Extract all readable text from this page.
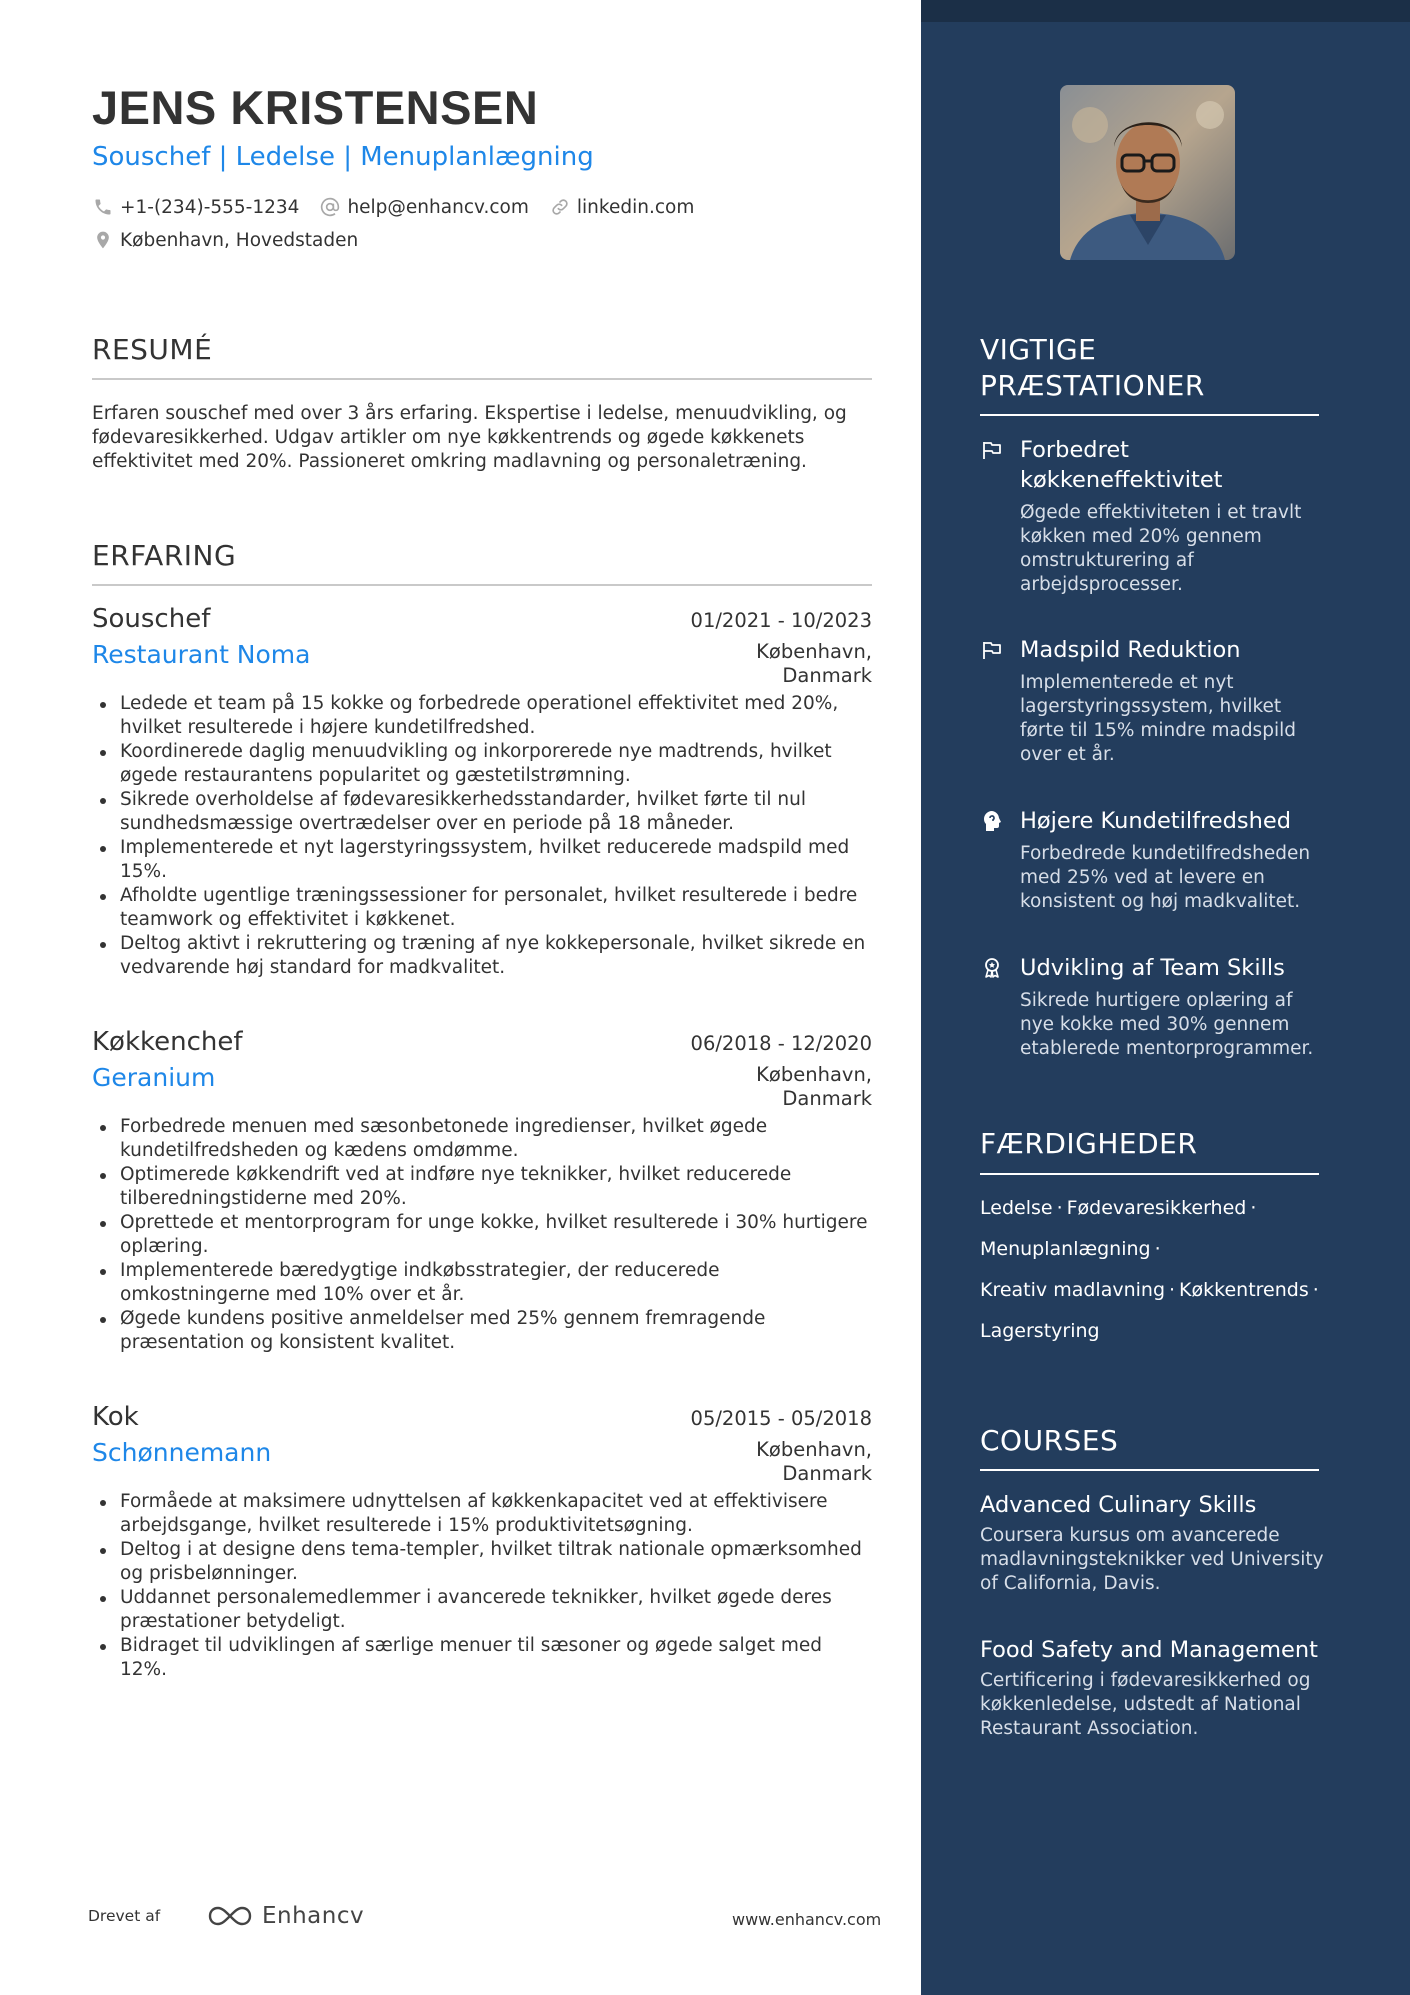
JENS KRISTENSEN
Souschef | Ledelse | Menuplanlægning
+1-(234)-555-1234	help@enhancv.com	linkedin.com
København, Hovedstaden
RESUMÉ
Erfaren souschef med over 3 års erfaring. Ekspertise i ledelse, menuudvikling, og fødevaresikkerhed. Udgav artikler om nye køkkentrends og øgede køkkenets effektivitet med 20%. Passioneret omkring madlavning og personaletræning.
ERFARING
Souschef	01/2021 - 10/2023
Restaurant Noma	København, Danmark
Ledede et team på 15 kokke og forbedrede operationel effektivitet med 20%, hvilket resulterede i højere kundetilfredshed.
Koordinerede daglig menuudvikling og inkorporerede nye madtrends, hvilket øgede restaurantens popularitet og gæstetilstrømning.
Sikrede overholdelse af fødevaresikkerhedsstandarder, hvilket førte til nul sundhedsmæssige overtrædelser over en periode på 18 måneder.
Implementerede et nyt lagerstyringssystem, hvilket reducerede madspild med 15%.
Afholdte ugentlige træningssessioner for personalet, hvilket resulterede i bedre teamwork og effektivitet i køkkenet.
Deltog aktivt i rekruttering og træning af nye kokkepersonale, hvilket sikrede en vedvarende høj standard for madkvalitet.
Køkkenchef	06/2018 - 12/2020
Geranium	København, Danmark
Forbedrede menuen med sæsonbetonede ingredienser, hvilket øgede kundetilfredsheden og kædens omdømme.
Optimerede køkkendrift ved at indføre nye teknikker, hvilket reducerede tilberedningstiderne med 20%.
Oprettede et mentorprogram for unge kokke, hvilket resulterede i 30% hurtigere oplæring.
Implementerede bæredygtige indkøbsstrategier, der reducerede omkostningerne med 10% over et år.
Øgede kundens positive anmeldelser med 25% gennem fremragende præsentation og konsistent kvalitet.
Kok	05/2015 - 05/2018
Schønnemann	København, Danmark
Formåede at maksimere udnyttelsen af køkkenkapacitet ved at effektivisere arbejdsgange, hvilket resulterede i 15% produktivitetsøgning.
Deltog i at designe dens tema-templer, hvilket tiltrak nationale opmærksomhed og prisbelønninger.
Uddannet personalemedlemmer i avancerede teknikker, hvilket øgede deres præstationer betydeligt.
Bidraget til udviklingen af særlige menuer til sæsoner og øgede salget med 12%.
Drevet af	Enhancv	www.enhancv.com
VIGTIGE PRÆSTATIONER
Forbedret køkkeneffektivitet
Øgede effektiviteten i et travlt køkken med 20% gennem omstrukturering af arbejdsprocesser.
Madspild Reduktion
Implementerede et nyt lagerstyringssystem, hvilket førte til 15% mindre madspild over et år.
Højere Kundetilfredshed
Forbedrede kundetilfredsheden med 25% ved at levere en konsistent og høj madkvalitet.
Udvikling af Team Skills
Sikrede hurtigere oplæring af nye kokke med 30% gennem etablerede mentorprogrammer.
FÆRDIGHEDER
Ledelse · Fødevaresikkerhed ·
Menuplanlægning ·
Kreativ madlavning · Køkkentrends ·
Lagerstyring
COURSES
Advanced Culinary Skills
Coursera kursus om avancerede madlavningsteknikker ved University of California, Davis.
Food Safety and Management
Certificering i fødevaresikkerhed og køkkenledelse, udstedt af National Restaurant Association.
